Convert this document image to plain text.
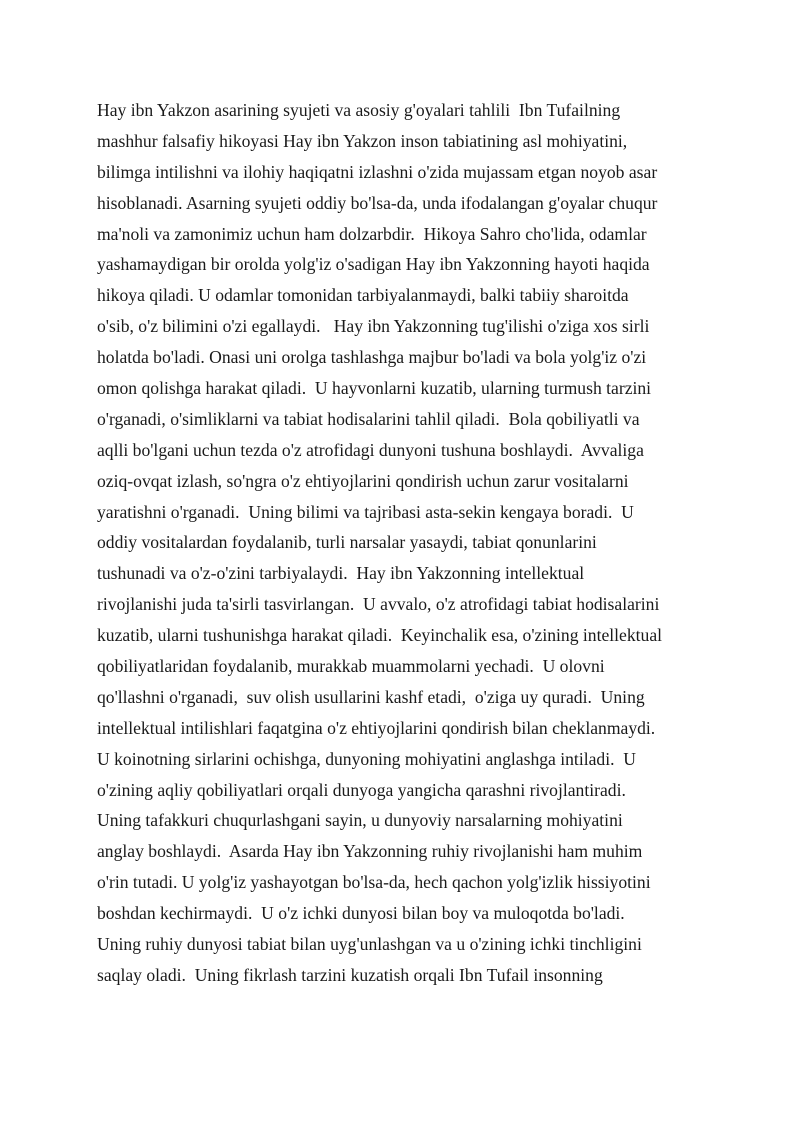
Hay ibn Yakzon asarining syujeti va asosiy g'oyalari tahlili  Ibn Tufailning
mashhur falsafiy hikoyasi Hay ibn Yakzon inson tabiatining asl mohiyatini,
bilimga intilishni va ilohiy haqiqatni izlashni o'zida mujassam etgan noyob asar
hisoblanadi. Asarning syujeti oddiy bo'lsa-da, unda ifodalangan g'oyalar chuqur
ma'noli va zamonimiz uchun ham dolzarbdir.  Hikoya Sahro cho'lida, odamlar
yashamaydigan bir orolda yolg'iz o'sadigan Hay ibn Yakzonning hayoti haqida
hikoya qiladi. U odamlar tomonidan tarbiyalanmaydi, balki tabiiy sharoitda
o'sib, o'z bilimini o'zi egallaydi.   Hay ibn Yakzonning tug'ilishi o'ziga xos sirli
holatda bo'ladi. Onasi uni orolga tashlashga majbur bo'ladi va bola yolg'iz o'zi
omon qolishga harakat qiladi.  U hayvonlarni kuzatib, ularning turmush tarzini
o'rganadi, o'simliklarni va tabiat hodisalarini tahlil qiladi.  Bola qobiliyatli va
aqlli bo'lgani uchun tezda o'z atrofidagi dunyoni tushuna boshlaydi.  Avvaliga
oziq-ovqat izlash, so'ngra o'z ehtiyojlarini qondirish uchun zarur vositalarni
yaratishni o'rganadi.  Uning bilimi va tajribasi asta-sekin kengaya boradi.  U
oddiy vositalardan foydalanib, turli narsalar yasaydi, tabiat qonunlarini
tushunadi va o'z-o'zini tarbiyalaydi.  Hay ibn Yakzonning intellektual
rivojlanishi juda ta'sirli tasvirlangan.  U avvalo, o'z atrofidagi tabiat hodisalarini
kuzatib, ularni tushunishga harakat qiladi.  Keyinchalik esa, o'zining intellektual
qobiliyatlaridan foydalanib, murakkab muammolarni yechadi.  U olovni
qo'llashni o'rganadi,  suv olish usullarini kashf etadi,  o'ziga uy quradi.  Uning
intellektual intilishlari faqatgina o'z ehtiyojlarini qondirish bilan cheklanmaydi.
U koinotning sirlarini ochishga, dunyoning mohiyatini anglashga intiladi.  U
o'zining aqliy qobiliyatlari orqali dunyoga yangicha qarashni rivojlantiradi.
Uning tafakkuri chuqurlashgani sayin, u dunyoviy narsalarning mohiyatini
anglay boshlaydi.  Asarda Hay ibn Yakzonning ruhiy rivojlanishi ham muhim
o'rin tutadi. U yolg'iz yashayotgan bo'lsa-da, hech qachon yolg'izlik hissiyotini
boshdan kechirmaydi.  U o'z ichki dunyosi bilan boy va muloqotda bo'ladi.
Uning ruhiy dunyosi tabiat bilan uyg'unlashgan va u o'zining ichki tinchligini
saqlay oladi.  Uning fikrlash tarzini kuzatish orqali Ibn Tufail insonning
